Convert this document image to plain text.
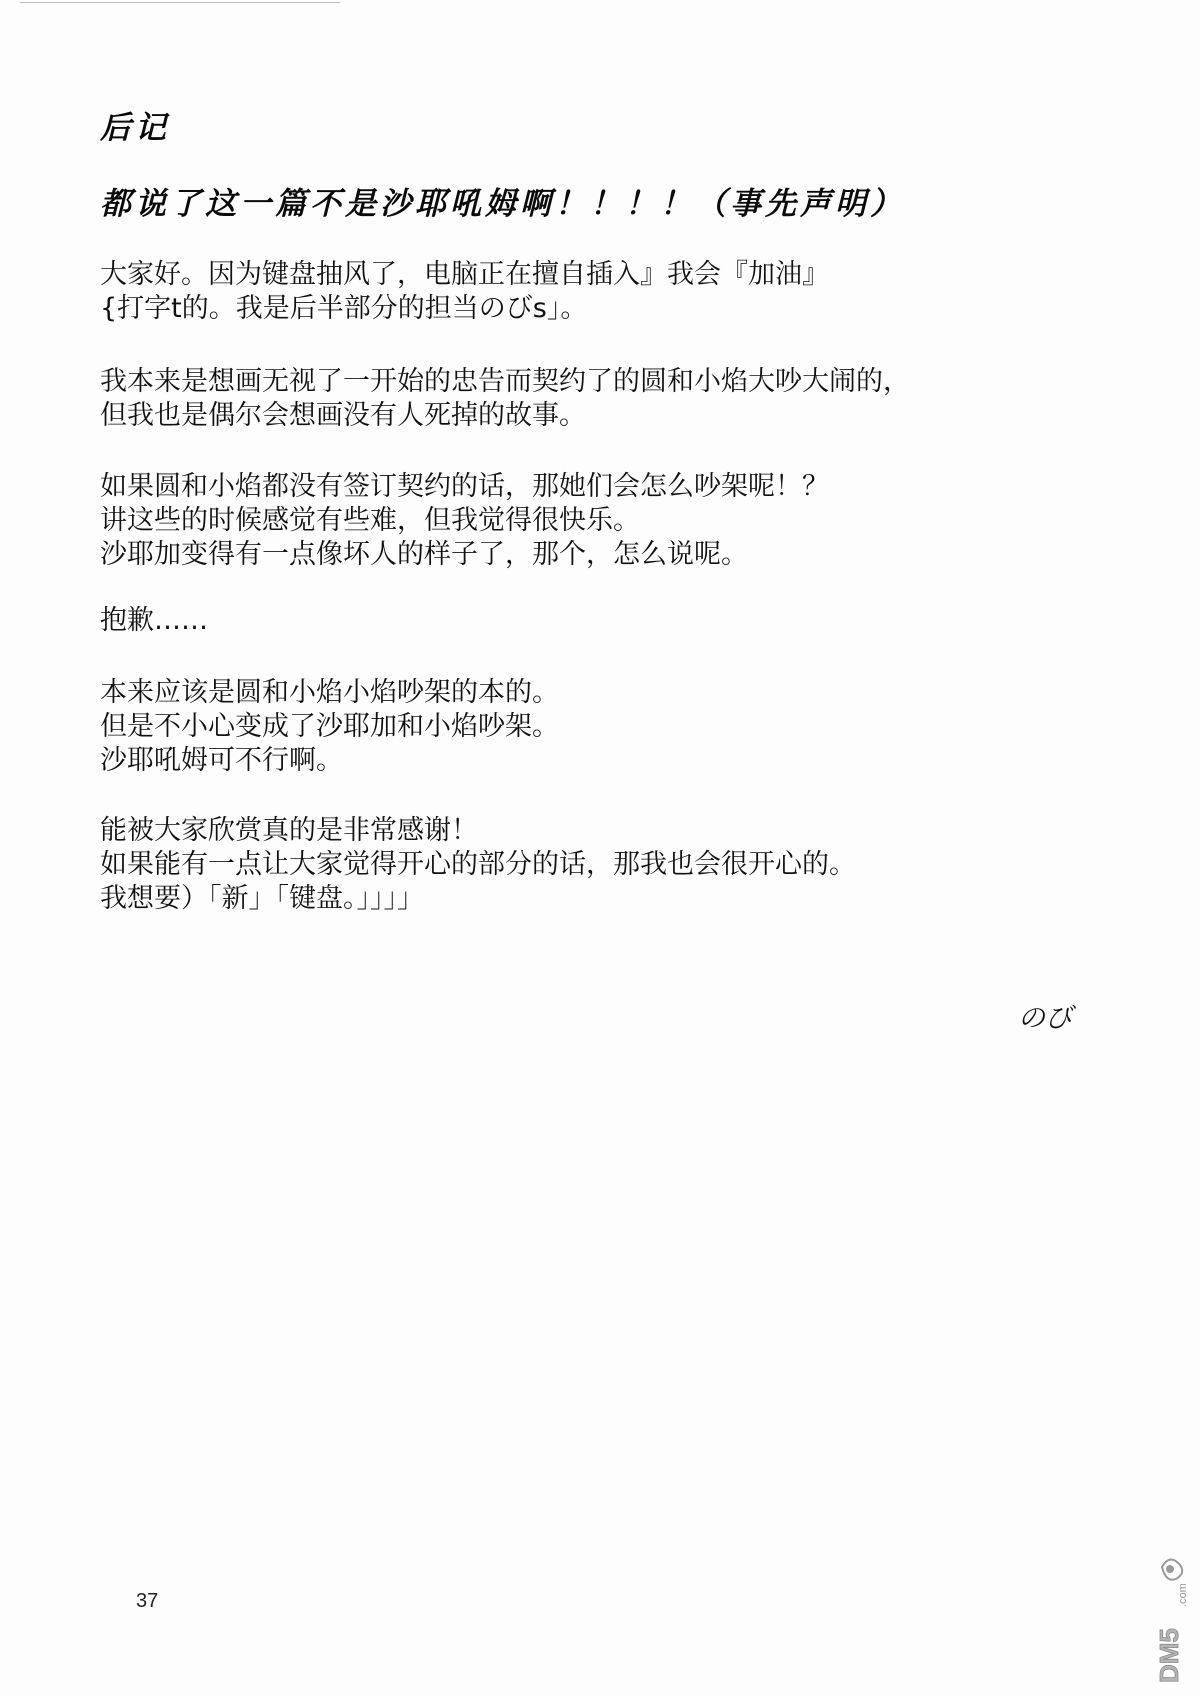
后记
都说了这一篇不是沙耶吼姆啊！！！！（事先声明）
大家好。因为键盘抽风了，电脑正在擅自插入』我会『加油』
{打字t的。我是后半部分的担当のびs」。
我本来是想画无视了一开始的忠告而契约了的圆和小焰大吵大闹的，
但我也是偶尔会想画没有人死掉的故事。
如果圆和小焰都没有签订契约的话，那她们会怎么吵架呢！？
讲这些的时候感觉有些难，但我觉得很快乐。
沙耶加变得有一点像坏人的样子了，那个，怎么说呢。
抱歉……
本来应该是圆和小焰小焰吵架的本的。
但是不小心变成了沙耶加和小焰吵架。
沙耶吼姆可不行啊。
能被大家欣赏真的是非常感谢！
如果能有一点让大家觉得开心的部分的话，那我也会很开心的。
我想要）「新」「键盘。」」」」
のび
37
DM5
.com
